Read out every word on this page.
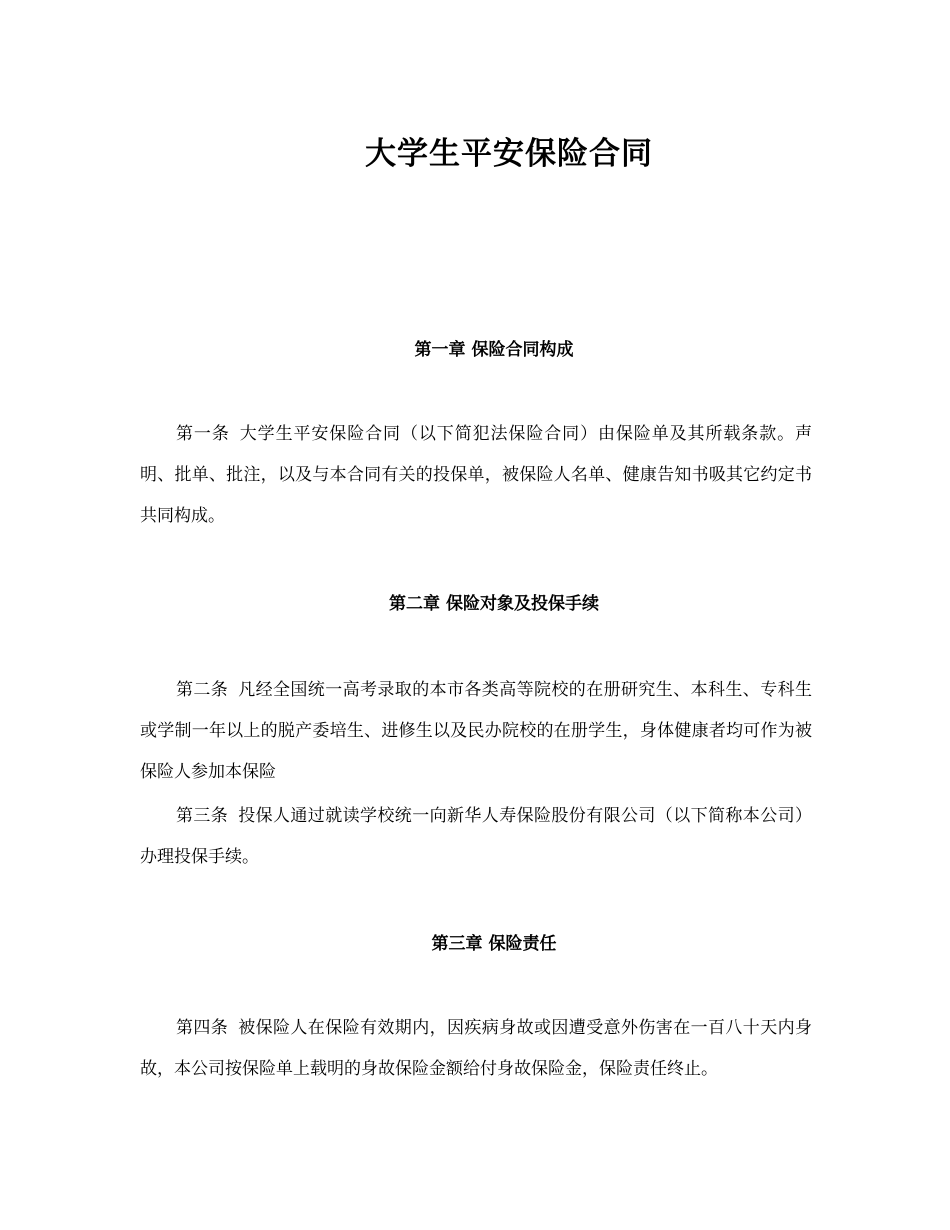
大学生平安保险合同
第一章 保险合同构成

第一条 大学生平安保险合同（以下简犯法保险合同）由保险单及其所载条款。声明、批单、批注，以及与本合同有关的投保单，被保险人名单、健康告知书吸其它约定书共同构成。

第二章 保险对象及投保手续

第二条 凡经全国统一高考录取的本市各类高等院校的在册研究生、本科生、专科生或学制一年以上的脱产委培生、进修生以及民办院校的在册学生，身体健康者均可作为被保险人参加本保险

第三条 投保人通过就读学校统一向新华人寿保险股份有限公司（以下简称本公司）办理投保手续。

第三章 保险责任

第四条 被保险人在保险有效期内，因疾病身故或因遭受意外伤害在一百八十天内身故，本公司按保险单上载明的身故保险金额给付身故保险金，保险责任终止。
